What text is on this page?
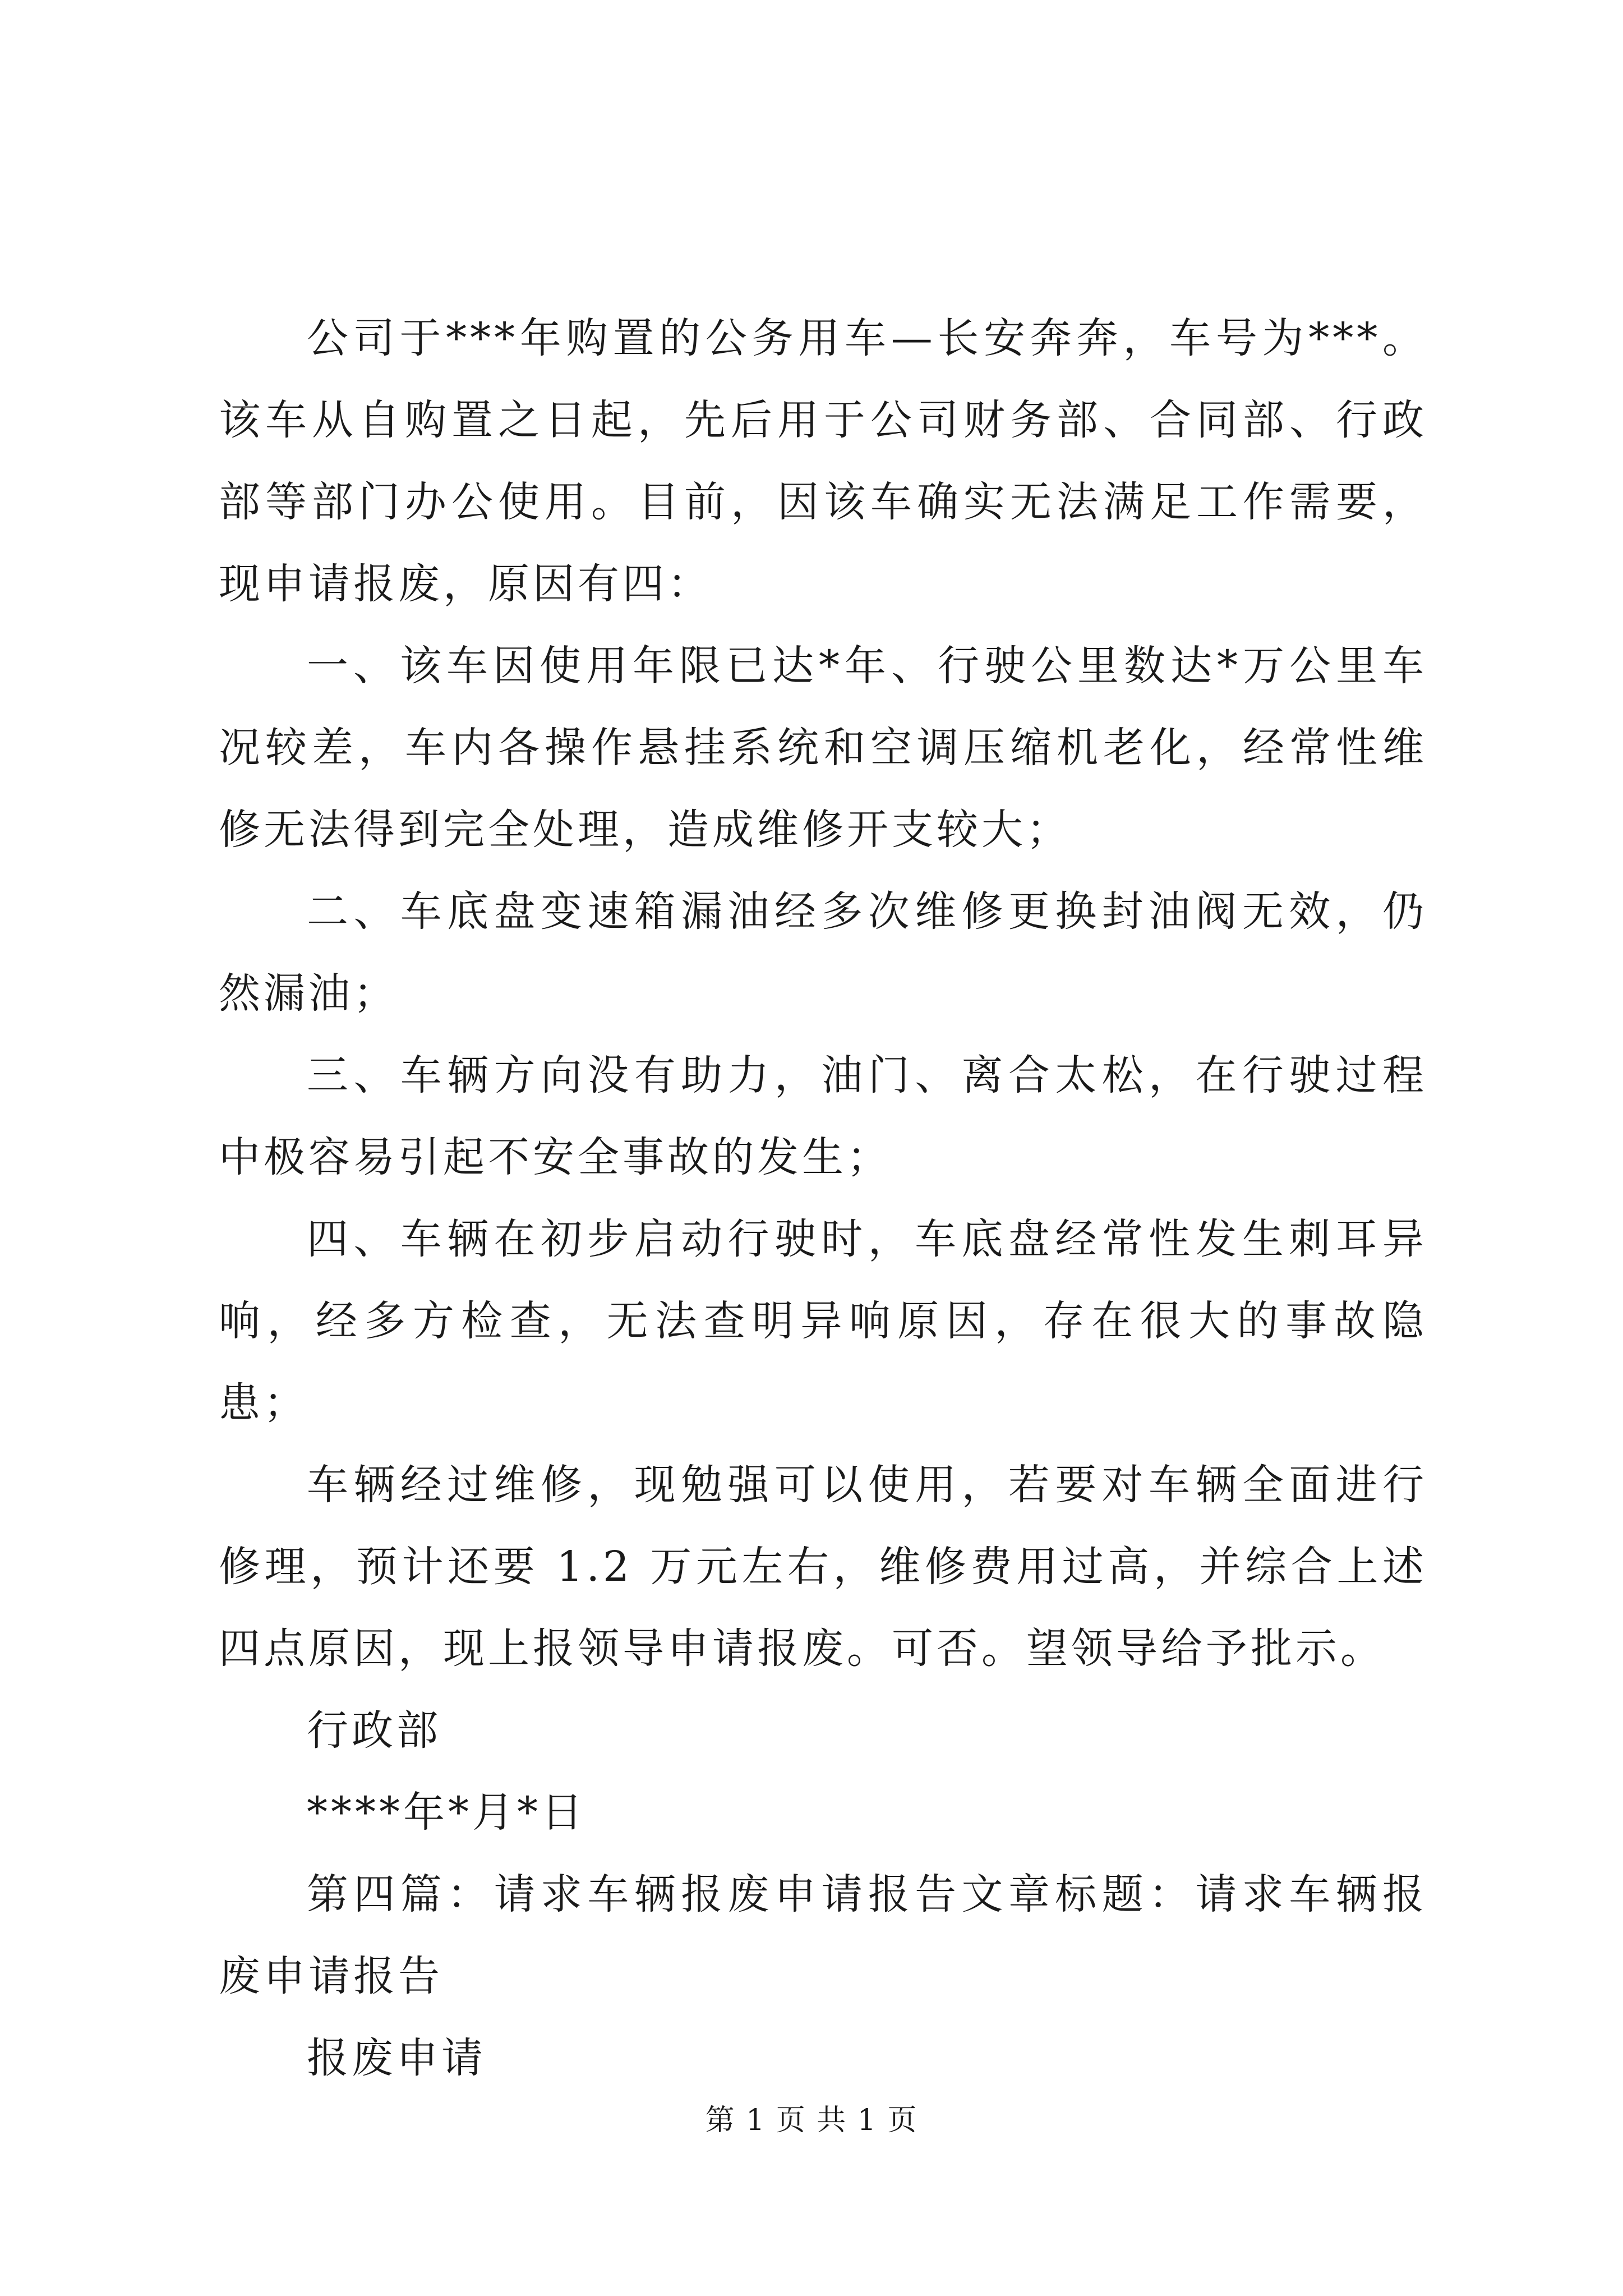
公司于***年购置的公务用车—长安奔奔，车号为***。该车从自购置之日起，先后用于公司财务部、合同部、行政部等部门办公使用。目前，因该车确实无法满足工作需要，现申请报废，原因有四：

一、该车因使用年限已达*年、行驶公里数达*万公里车况较差，车内各操作悬挂系统和空调压缩机老化，经常性维修无法得到完全处理，造成维修开支较大；

二、车底盘变速箱漏油经多次维修更换封油阀无效，仍然漏油；

三、车辆方向没有助力，油门、离合太松，在行驶过程中极容易引起不安全事故的发生；

四、车辆在初步启动行驶时，车底盘经常性发生刺耳异响，经多方检查，无法查明异响原因，存在很大的事故隐患；

车辆经过维修，现勉强可以使用，若要对车辆全面进行修理，预计还要 1.2 万元左右，维修费用过高，并综合上述四点原因，现上报领导申请报废。可否。望领导给予批示。

行政部

****年*月*日

第四篇：请求车辆报废申请报告文章标题：请求车辆报废申请报告

报废申请

第 1 页 共 1 页
